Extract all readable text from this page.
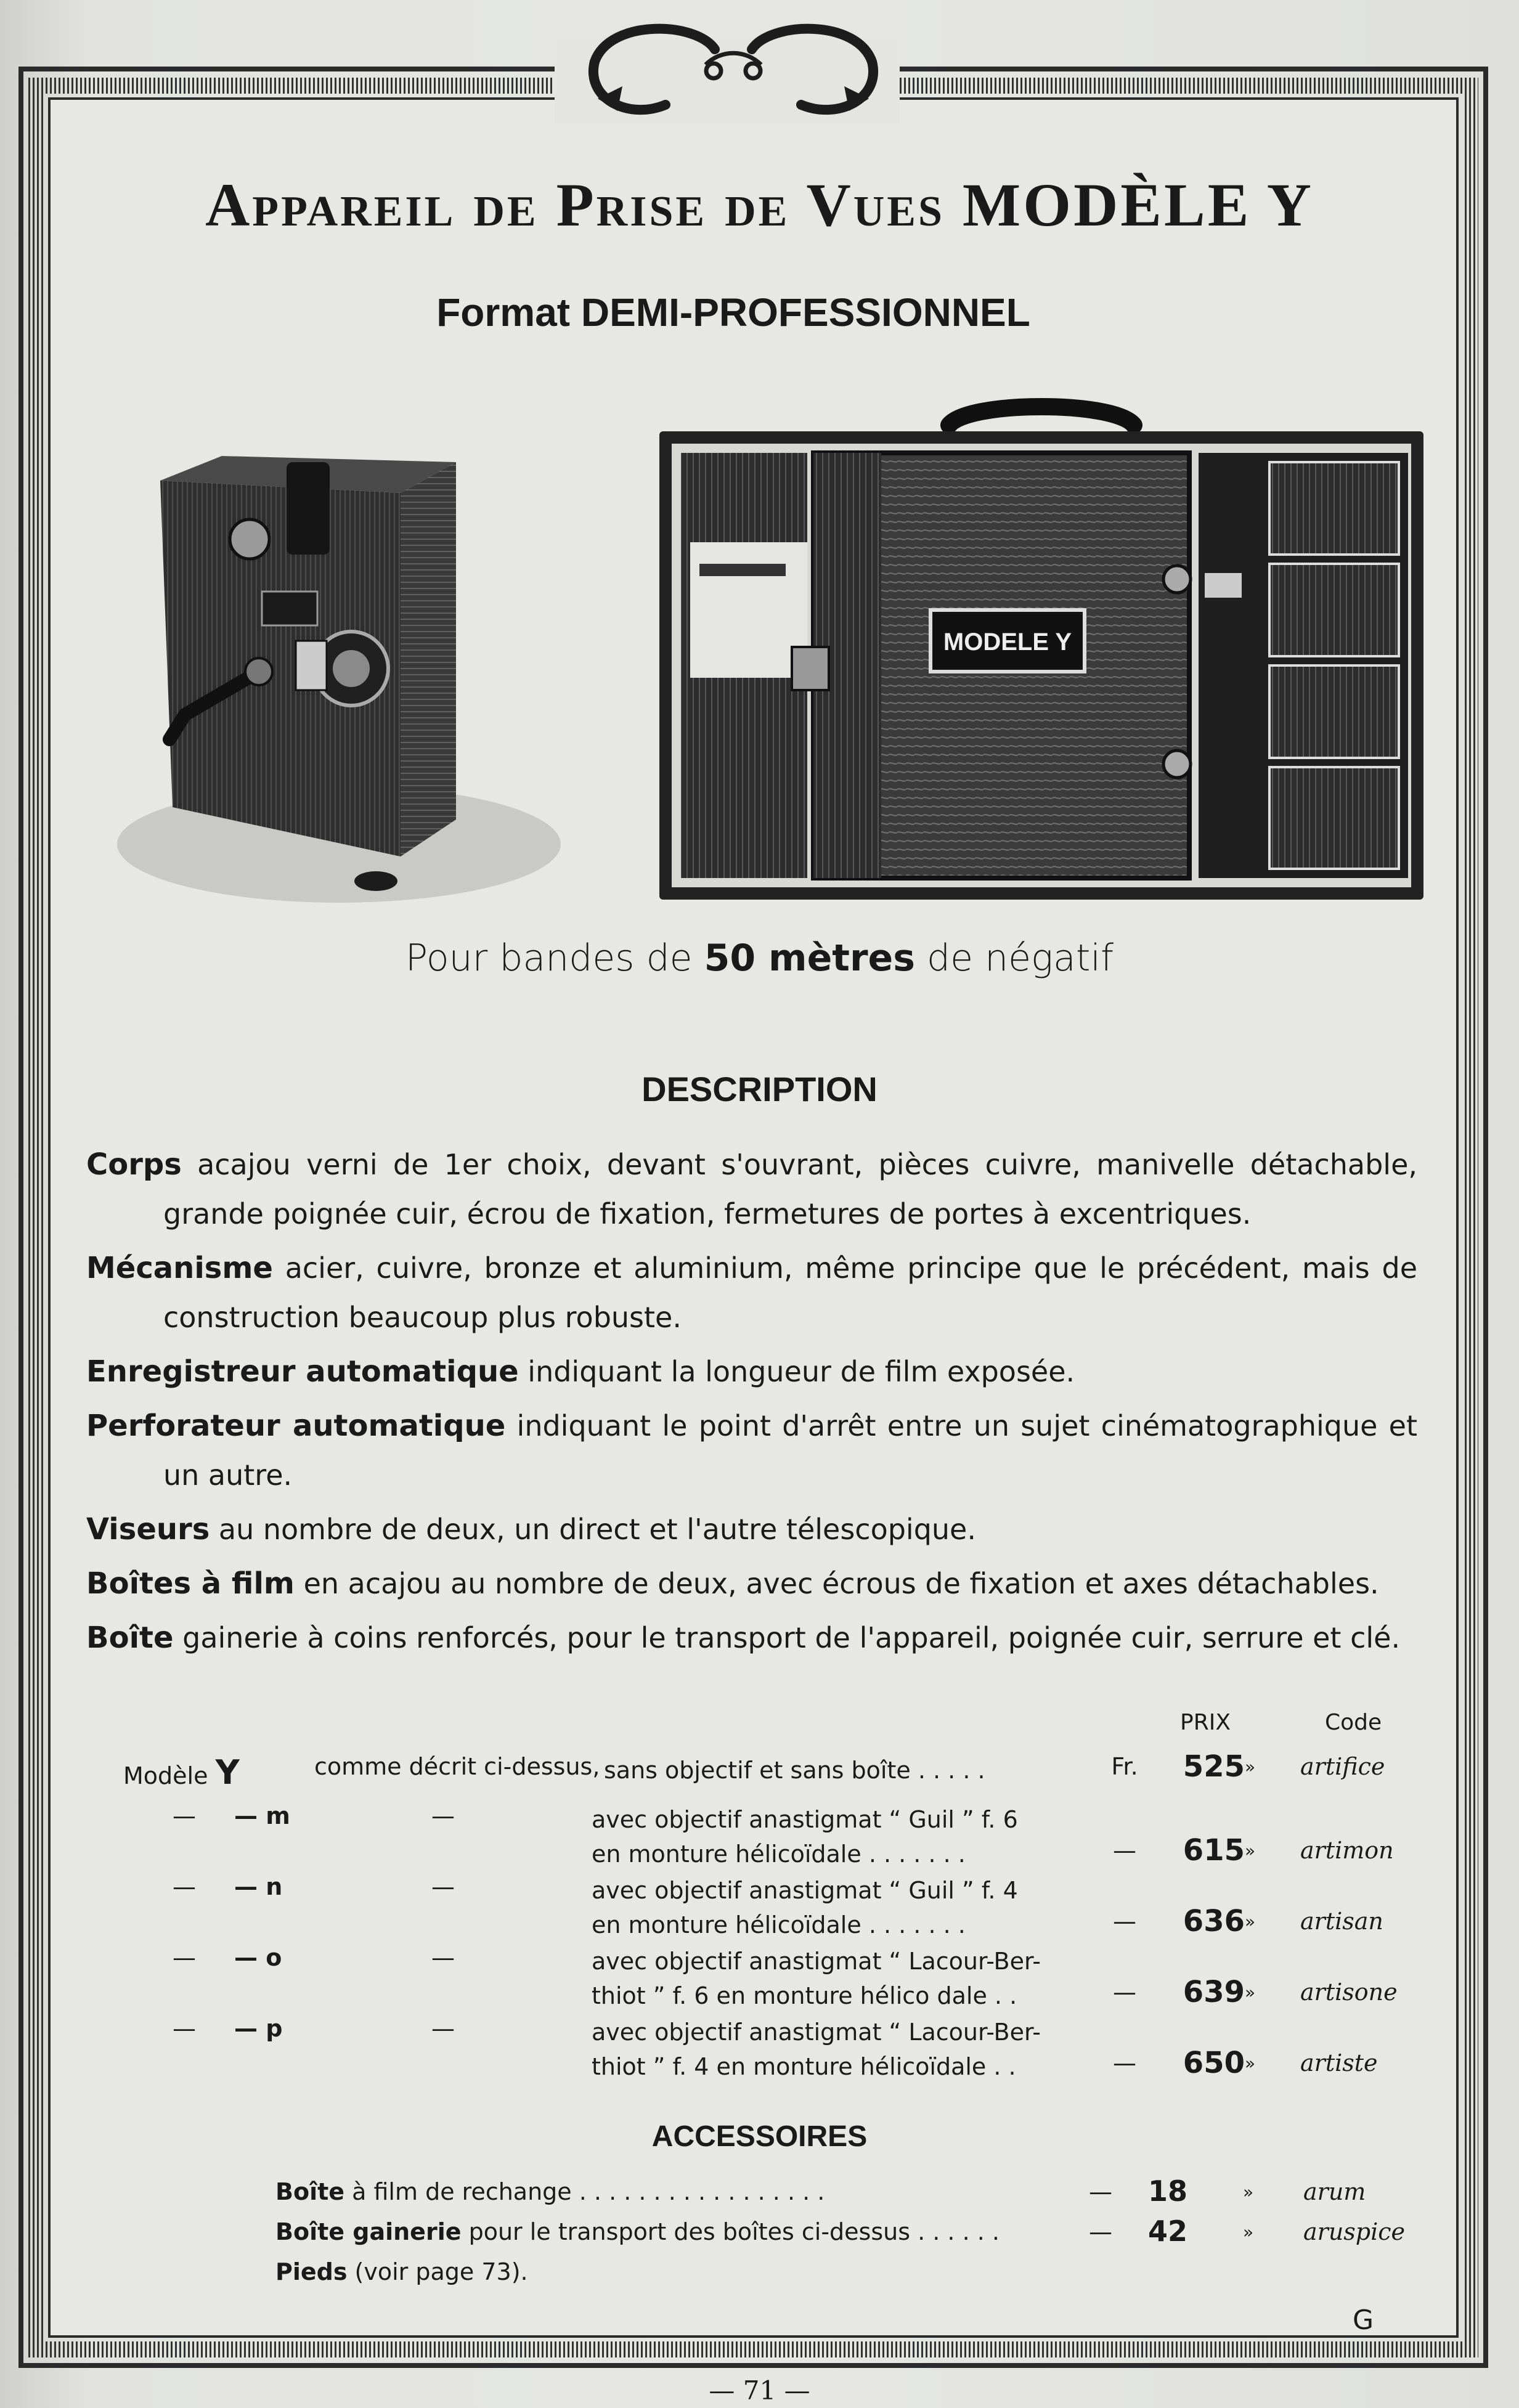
Appareil de Prise de Vues MODÈLE Y
Format DEMI-PROFESSIONNEL
MODELE Y
Pour bandes de 50 mètres de négatif
DESCRIPTION

Corps acajou verni de 1er choix, devant s'ouvrant, pièces cuivre, manivelle détachable, grande poignée cuir, écrou de fixation, fermetures de portes à excentriques.

Mécanisme acier, cuivre, bronze et aluminium, même principe que le précédent, mais de construction beaucoup plus robuste.

Enregistreur automatique indiquant la longueur de film exposée.

Perforateur automatique indiquant le point d'arrêt entre un sujet cinématographique et un autre.

Viseurs au nombre de deux, un direct et l'autre télescopique.

Boîtes à film en acajou au nombre de deux, avec écrous de fixation et axes détachables.

Boîte gainerie à coins renforcés, pour le transport de l'appareil, poignée cuir, serrure et clé.

PRIX	Code
Modèle Y	comme décrit ci-dessus, sans objectif et sans boîte . . . . .	Fr.	525 » artifice
—	— m	—	avec objectif anastigmat “ Guil ” f. 6
en monture hélicoïdale . . . . . . .	—	615 » artimon
—	— n	—	avec objectif anastigmat “ Guil ” f. 4
en monture hélicoïdale . . . . . . .	—	636 » artisan
—	— o	—	avec objectif anastigmat “ Lacour-Ber-
thiot ” f. 6 en monture hélico dale . .	—	639 » artisone
—	— p	—	avec objectif anastigmat “ Lacour-Ber-
thiot ” f. 4 en monture hélicoïdale . .	—	650 » artiste
ACCESSOIRES
Boîte à film de rechange . . . . . . . . . . . . . . . . .	—	18	» arum
Boîte gainerie pour le transport des boîtes ci-dessus . . . . . .	—	42	» aruspice
Pieds (voir page 73).
G
— 71 —
